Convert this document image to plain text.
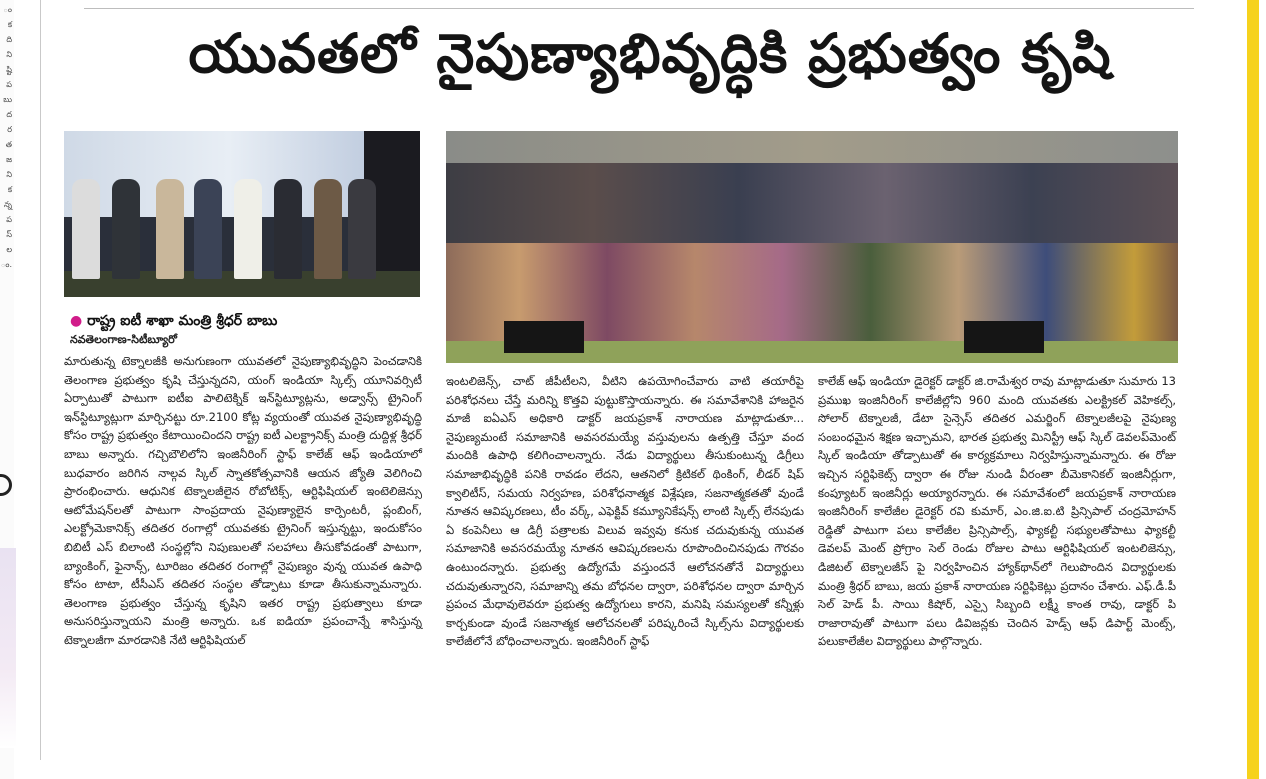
ం
క
ది
ని
ష్టి
ప
బు
ద
ర
త
జ
ని
క
న్న
ప
స్
ల
ం.
యువతలో నైపుణ్యాభివృద్ధికి ప్రభుత్వం కృషి
● రాష్ట్ర ఐటీ శాఖా మంత్రి శ్రీధర్ బాబు
నవతెలంగాణ-సిటీబ్యూరో

మారుతున్న టెక్నాలజీకి అనుగుణంగా యువతలో నైపుణ్యాభివృద్ధిని పెంచడానికి తెలంగాణ ప్రభుత్వం కృషి చేస్తున్నదని, యంగ్ ఇండియా స్కిల్స్ యూనివర్సిటీ ఏర్పాటుతో పాటుగా ఐటీఐ పాలిటెక్నిక్ ఇన్‌స్టిట్యూట్లను, అడ్వాన్స్ ట్రైనింగ్ ఇన్‌స్టిట్యూట్లుగా మార్చినట్టు రూ.2100 కోట్ల వ్యయంతో యువత నైపుణ్యాభివృద్ధి కోసం రాష్ట్ర ప్రభుత్వం కేటాయించిందని రాష్ట్ర ఐటీ ఎలక్ట్రానిక్స్ మంత్రి దుద్దిళ్ల శ్రీధర్ బాబు అన్నారు. గచ్చిబౌలిలోని ఇంజినీరింగ్ స్టాఫ్ కాలేజ్ ఆఫ్ ఇండియాలో బుధవారం జరిగిన నాల్గవ స్కిల్ స్నాతకోత్సవానికి ఆయన జ్యోతి వెలిగించి ప్రారంభించారు. ఆధునిక టెక్నాలజీలైన రోబోటిక్స్, ఆర్టిఫిషియల్ ఇంటెలిజెన్సు ఆటోమేషన్‌లతో పాటుగా సాంప్రదాయ నైపుణ్యాలైన కార్పెంటరీ, ప్లంబింగ్, ఎలక్ట్రోమెకానిక్స్ తదితర రంగాల్లో యువతకు ట్రైనింగ్ ఇస్తున్నట్టు, ఇందుకోసం బిబిటీ ఎస్ బిలాంటి సంస్థల్లోని నిపుణులతో సలహాలు తీసుకోవడంతో పాటుగా, బ్యాంకింగ్, ఫైనాన్స్, టూరిజం తదితర రంగాల్లో నైపుణ్యం వున్న యువత ఉపాధి కోసం టాటా, టీసీఎస్ తదితర సంస్థల తోడ్పాటు కూడా తీసుకున్నామన్నారు. తెలంగాణ ప్రభుత్వం చేస్తున్న కృషిని ఇతర రాష్ట్ర ప్రభుత్వాలు కూడా అనుసరిస్తున్నాయని మంత్రి అన్నారు. ఒక ఐడియా ప్రపంచాన్నే శాసిస్తున్న టెక్నాలజీగా మారడానికి నేటి ఆర్టిఫిషియల్

ఇంటలిజెన్స్, చాట్ జీపీటీలని, వీటిని ఉపయోగించేవారు వాటి తయారీపై పరిశోధనలు చేస్తే మరిన్ని కొత్తవి పుట్టుకొస్తాయన్నారు. ఈ సమావేశానికి హాజరైన మాజీ ఐఏఎస్ అధికారి డాక్టర్ జయప్రకాశ్ నారాయణ మాట్లాడుతూ... నైపుణ్యమంటే సమాజానికి అవసరమయ్యే వస్తువులను ఉత్పత్తి చేస్తూ వంద మందికి ఉపాధి కలిగించాలన్నారు. నేడు విద్యార్థులు తీసుకుంటున్న డిగ్రీలు సమాజాభివృద్ధికి పనికి రావడం లేదని, ఆతనిలో క్రిటికల్ థింకింగ్, లీడర్ షిప్ క్వాలిటీస్, సమయ నిర్వహణ, పరిశోధనాత్మక విశ్లేషణ, సజనాత్మకతతో వుండే నూతన ఆవిష్కరణలు, టీం వర్క్, ఎఫెక్టివ్ కమ్యూనికేషన్స్ లాంటి స్కిల్స్ లేనపుడు ఏ కంపెనీలు ఆ డిగ్రీ పత్రాలకు విలువ ఇవ్వవు కనుక చదువుకున్న యువత సమాజానికి అవసరమయ్యే నూతన ఆవిష్కరణలను రూపొందించినపుడు గౌరవం ఉంటుందన్నారు. ప్రభుత్వ ఉద్యోగమే వస్తుందనే ఆలోచనతోనే విద్యార్థులు చదువుతున్నారని, సమాజాన్ని తమ బోధనల ద్వారా, పరిశోధనల ద్వారా మార్చిన ప్రపంచ మేధావులెవరూ ప్రభుత్వ ఉద్యోగులు కారని, మనిషి సమస్యలతో కన్నీళ్లు కార్చకుండా వుండే సజనాత్మక ఆలోచనలతో పరిష్కరించే స్కిల్స్‌ను విద్యార్థులకు కాలేజీలోనే బోధించాలన్నారు. ఇంజినీరింగ్ స్టాఫ్

కాలేజ్ ఆఫ్ ఇండియా డైరెక్టర్ డాక్టర్ జి.రామేశ్వర రావు మాట్లాడుతూ సుమారు 13 ప్రముఖ ఇంజినీరింగ్ కాలేజీల్లోని 960 మంది యువతకు ఎలక్ట్రికల్ వెహికల్స్, సోలార్ టెక్నాలజీ, డేటా సైన్సెస్ తదితర ఎమర్జింగ్ టెక్నాలజీలపై నైపుణ్య సంబంధమైన శిక్షణ ఇచ్చామని, భారత ప్రభుత్వ మినిస్ట్రీ ఆఫ్ స్కిల్ డెవలప్‌మెంట్ స్కిల్ ఇండియా తోడ్పాటుతో ఈ కార్యక్రమాలు నిర్వహిస్తున్నామన్నారు. ఈ రోజు ఇచ్చిన సర్టిఫికెట్స్ ద్వారా ఈ రోజు నుండి వీరంతా బీమెకానికల్ ఇంజినీర్లుగా, కంప్యూటర్ ఇంజినీర్లు అయ్యారన్నారు. ఈ సమావేశంలో జయప్రకాశ్ నారాయణ ఇంజినీరింగ్ కాలేజీల డైరెక్టర్ రవి కుమార్, ఎం.జి.ఐ.టి ప్రిన్సిపాల్ చంద్రమోహన్ రెడ్డితో పాటుగా పలు కాలేజీల ప్రిన్సిపాల్స్, ఫ్యాకల్టీ సభ్యులతోపాటు ఫ్యాకల్టీ డెవలప్ మెంట్ ప్రోగ్రాం సెల్ రెండు రోజుల పాటు ఆర్టిఫిషియల్ ఇంటలిజెన్సు, డిజిటల్ టెక్నాలజీస్ పై నిర్వహించిన హ్యాక్‌థాన్‌లో గెలుపొందిన విద్యార్థులకు మంత్రి శ్రీధర్ బాబు, జయ ప్రకాశ్ నారాయణ సర్టిఫికెట్లు ప్రదానం చేశారు. ఎఫ్.డీ.పీ సెల్ హెడ్ పీ. సాయి కిషోర్, ఎస్సై సిబ్బంది లక్ష్మీ కాంత రావు, డాక్టర్ పి రాజారావుతో పాటుగా పలు డివిజన్లకు చెందిన హెడ్స్ ఆఫ్ డిపార్ట్ మెంట్స్, పలుకాలేజీల విద్యార్థులు పాల్గొన్నారు.
